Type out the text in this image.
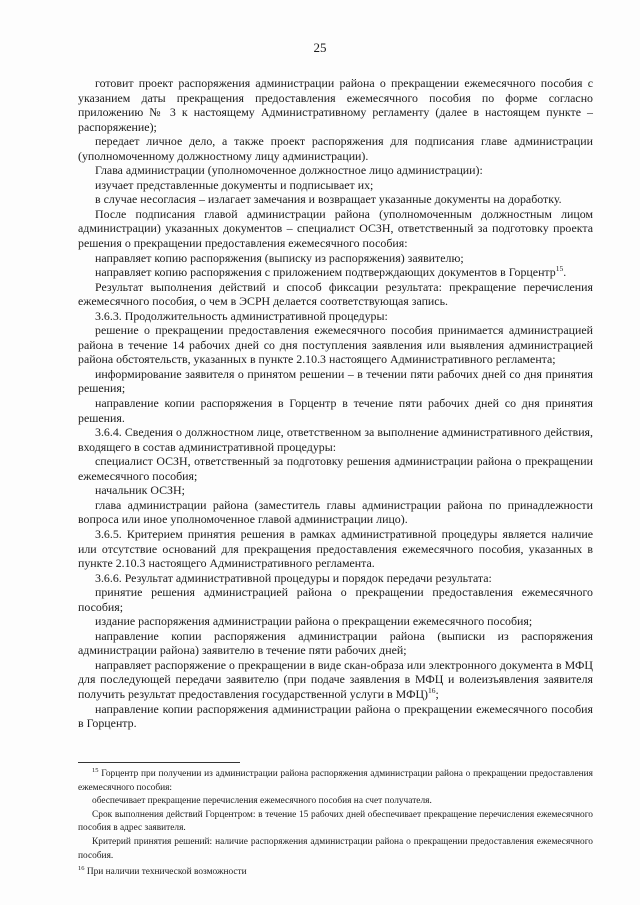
25

готовит проект распоряжения администрации района о прекращении ежемесячного пособия с указанием даты прекращения предоставления ежемесячного пособия по форме согласно приложению № 3 к настоящему Административному регламенту (далее в настоящем пункте – распоряжение);

передает личное дело, а также проект распоряжения для подписания главе администрации (уполномоченному должностному лицу администрации).

Глава администрации (уполномоченное должностное лицо администрации):

изучает представленные документы и подписывает их;

в случае несогласия – излагает замечания и возвращает указанные документы на доработку.

После подписания главой администрации района (уполномоченным должностным лицом администрации) указанных документов – специалист ОСЗН, ответственный за подготовку проекта решения о прекращении предоставления ежемесячного пособия:

направляет копию распоряжения (выписку из распоряжения) заявителю;

направляет копию распоряжения с приложением подтверждающих документов в Горцентр$^{15}$.

Результат выполнения действий и способ фиксации результата: прекращение перечисления ежемесячного пособия, о чем в ЭСРН делается соответствующая запись.

3.6.3. Продолжительность административной процедуры:

решение о прекращении предоставления ежемесячного пособия принимается администрацией района в течение 14 рабочих дней со дня поступления заявления или выявления администрацией района обстоятельств, указанных в пункте 2.10.3 настоящего Административного регламента;

информирование заявителя о принятом решении – в течении пяти рабочих дней со дня принятия решения;

направление копии распоряжения в Горцентр в течение пяти рабочих дней со дня принятия решения.

3.6.4. Сведения о должностном лице, ответственном за выполнение административного действия, входящего в состав административной процедуры:

специалист ОСЗН, ответственный за подготовку решения администрации района о прекращении ежемесячного пособия;

начальник ОСЗН;

глава администрации района (заместитель главы администрации района по принадлежности вопроса или иное уполномоченное главой администрации лицо).

3.6.5. Критерием принятия решения в рамках административной процедуры является наличие или отсутствие оснований для прекращения предоставления ежемесячного пособия, указанных в пункте 2.10.3 настоящего Административного регламента.

3.6.6. Результат административной процедуры и порядок передачи результата:

принятие решения администрацией района о прекращении предоставления ежемесячного пособия;

издание распоряжения администрации района о прекращении ежемесячного пособия;

направление копии распоряжения администрации района (выписки из распоряжения администрации района) заявителю в течение пяти рабочих дней;

направляет распоряжение о прекращении в виде скан-образа или электронного документа в МФЦ для последующей передачи заявителю (при подаче заявления в МФЦ и волеизъявления заявителя получить результат предоставления государственной услуги в МФЦ)$^{16}$;

направление копии распоряжения администрации района о прекращении ежемесячного пособия в Горцентр.

$^{15}$ Горцентр при получении из администрации района распоряжения администрации района о прекращении предоставления ежемесячного пособия:

обеспечивает прекращение перечисления ежемесячного пособия на счет получателя.

Срок выполнения действий Горцентром: в течение 15 рабочих дней обеспечивает прекращение перечисления ежемесячного пособия в адрес заявителя.

Критерий принятия решений: наличие распоряжения администрации района о прекращении предоставления ежемесячного пособия.

$^{16}$ При наличии технической возможности
